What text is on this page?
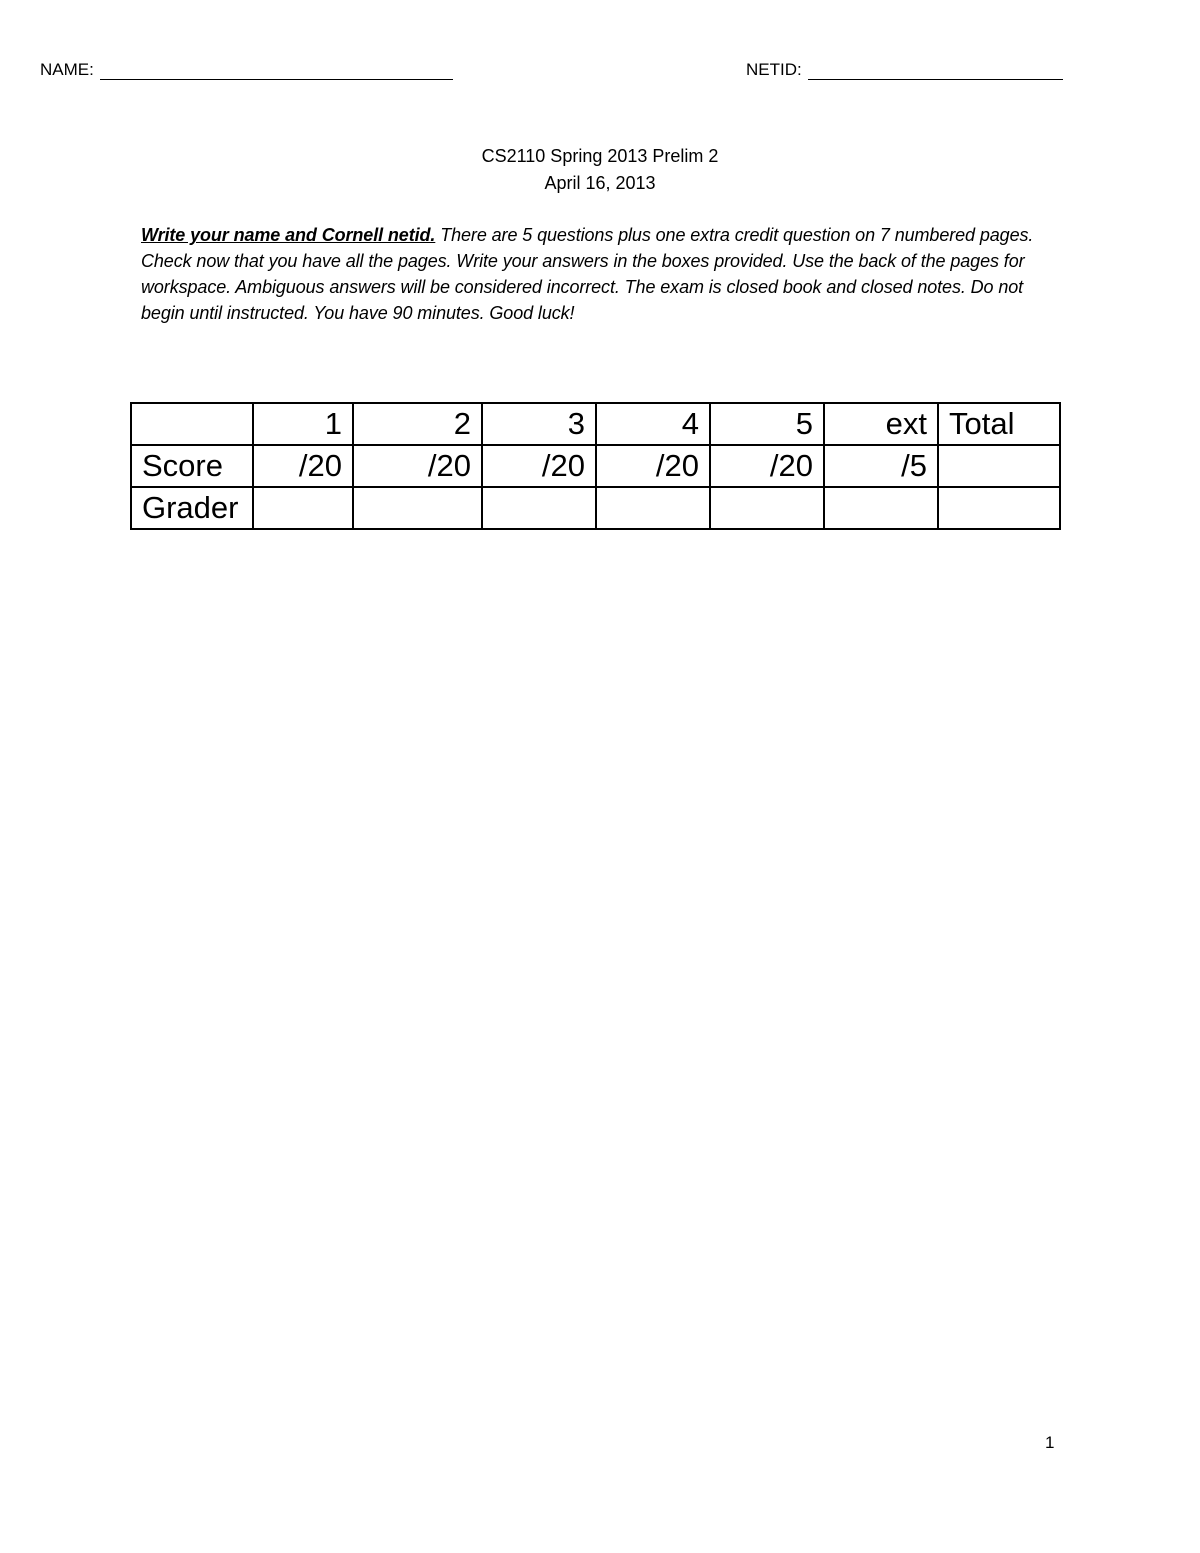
NAME:	NETID:
CS2110 Spring 2013 Prelim 2
April 16, 2013
Write your name and Cornell netid. There are 5 questions plus one extra credit question on 7 numbered pages. Check now that you have all the pages. Write your answers in the boxes provided. Use the back of the pages for workspace. Ambiguous answers will be considered incorrect. The exam is closed book and closed notes. Do not begin until instructed. You have 90 minutes. Good luck!
	1	2	3	4	5	ext	Total
Score	/20	/20	/20	/20	/20	/5	
Grader							
1
